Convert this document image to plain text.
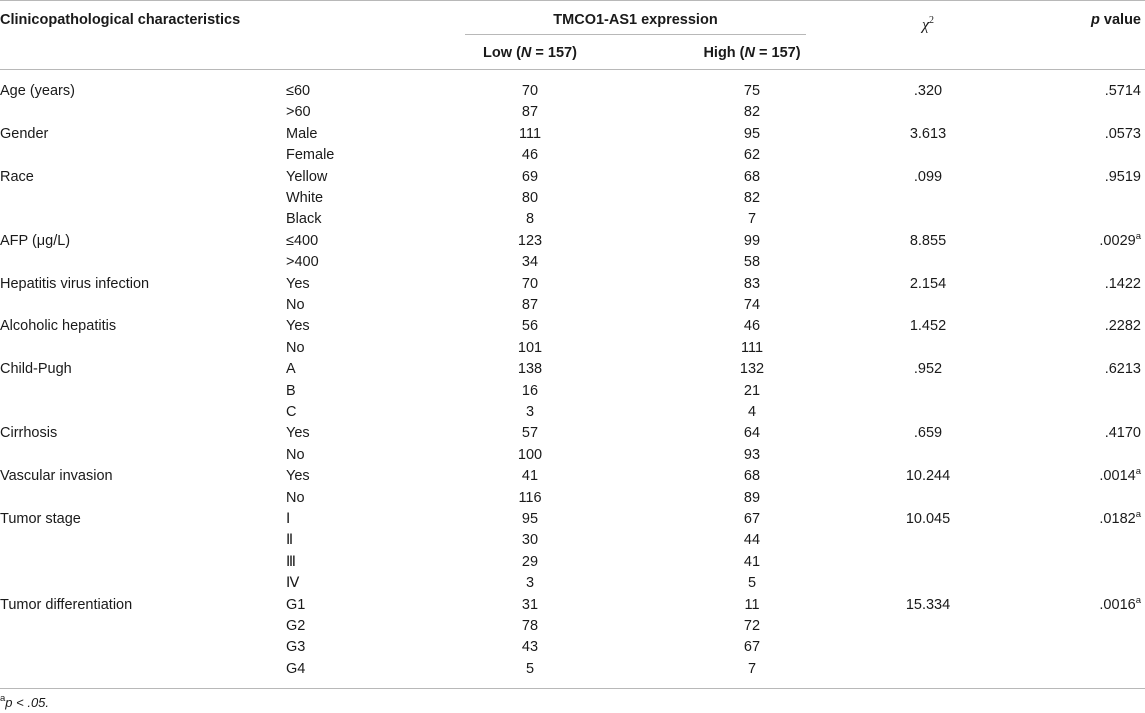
Clinicopathological characteristics	TMCO1-AS1 expression
Low (N = 157)	High (N = 157)
$\chi^2$	p value
Age (years)	≤60	70	75	.320	.5714
>60	87	82
Gender	Male	111	95	3.613	.0573
Female	46	62
Race	Yellow	69	68	.099	.9519
White	80	82
Black	8	7
AFP (μg/L)	≤400	123	99	8.855	.0029$^a$
>400	34	58
Hepatitis virus infection	Yes	70	83	2.154	.1422
No	87	74
Alcoholic hepatitis	Yes	56	46	1.452	.2282
No	101	111
Child-Pugh	A	138	132	.952	.6213
B	16	21
C	3	4
Cirrhosis	Yes	57	64	.659	.4170
No	100	93
Vascular invasion	Yes	41	68	10.244	.0014$^a$
No	116	89
Tumor stage	Ⅰ	95	67	10.045	.0182$^a$
Ⅱ	30	44
Ⅲ	29	41
Ⅳ	3	5
Tumor differentiation	G1	31	11	15.334	.0016$^a$
G2	78	72
G3	43	67
G4	5	7
$^a$p < .05.
